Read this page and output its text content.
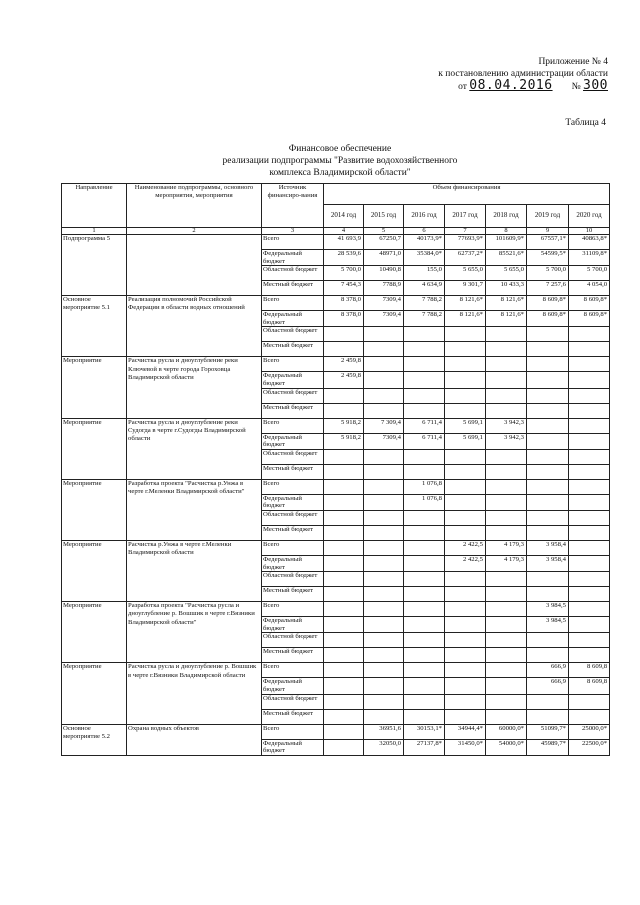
Приложение № 4
к постановлению администрации области
от 08.04.2016 № 300
Таблица 4
Финансовое обеспечение
реализации подпрограммы "Развитие водохозяйственного
комплекса Владимирской области"
Направление	Наименование подпрограммы, основного мероприятия, мероприятия	Источник финансиро-вания	Объем финансирования						
			2014 год	2015 год	2016 год	2017 год	2018 год	2019 год	2020 год
1	2	3	4	5	6	7	8	9	10
Подпрограмма 5		Всего	41 693,9	67250,7	40173,9*	77693,9*	101609,9*	67557,1*	40863,8*
		Федеральный бюджет	28 539,6	48971,0	35384,0*	62737,2*	85521,6*	54599,5*	31109,8*
		Областной бюджет	5 700,0	10490,8	155,0	5 655,0	5 655,0	5 700,0	5 700,0
		Местный бюджет	7 454,3	7788,9	4 634,9	9 301,7	10 433,3	7 257,6	4 054,0
Основное мероприятие 5.1	Реализация полномочий Российской Федерации в области водных отношений	Всего	8 378,0	7309,4	7 788,2	8 121,6*	8 121,6*	8 609,8*	8 609,8*
		Федеральный бюджет	8 378,0	7309,4	7 788,2	8 121,6*	8 121,6*	8 609,8*	8 609,8*
		Областной бюджет							
		Местный бюджет							
Мероприятие	Расчистка русла и дноуглубление реки Ключевой в черте города Гороховца Владимирской области	Всего	2 459,8						
		Федеральный бюджет	2 459,8						
		Областной бюджет							
		Местный бюджет							
Мероприятие	Расчистка русла и дноуглубление реки Судогда в черте г.Судогды Владимирской области	Всего	5 918,2	7 309,4	6 711,4	5 699,1	3 942,3		
		Федеральный бюджет	5 918,2	7309,4	6 711,4	5 699,1	3 942,3		
		Областной бюджет							
		Местный бюджет							
Мероприятие	Разработка проекта "Расчистка р.Унжа в черте г.Меленки Владимирской области"	Всего			1 076,8				
		Федеральный бюджет			1 076,8				
		Областной бюджет							
		Местный бюджет							
Мероприятие	Расчистка р.Унжа в черте г.Меленки Владимирской области	Всего				2 422,5	4 179,3	3 958,4	
		Федеральный бюджет				2 422,5	4 179,3	3 958,4	
		Областной бюджет							
		Местный бюджет							
Мероприятие	Разработка проекта "Расчистка русла и дноуглубление р. Вошшик в черте г.Вязники Владимирской области"	Всего						3 984,5	
		Федеральный бюджет						3 984,5	
		Областной бюджет							
		Местный бюджет							
Мероприятие	Расчистка русла и дноуглубление р. Вошшик в черте г.Вязники Владимирской области	Всего						666,9	8 609,8
		Федеральный бюджет						666,9	8 609,8
		Областной бюджет							
		Местный бюджет							
Основное мероприятие 5.2	Охрана водных объектов	Всего		36951,6	30153,1*	34944,4*	60000,0*	51099,7*	25000,0*
		Федеральный бюджет		32050,0	27137,8*	31450,0*	54000,0*	45989,7*	22500,0*
